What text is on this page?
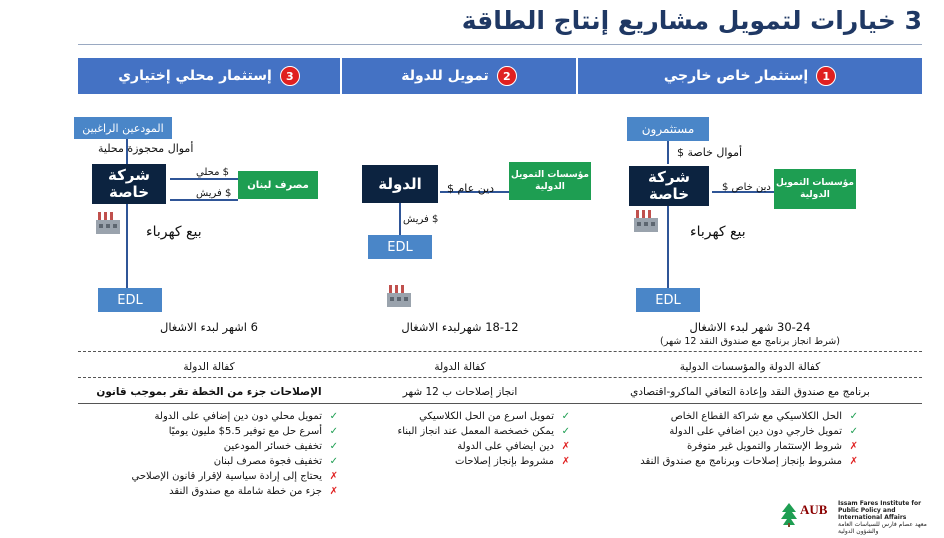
3 خيارات لتمويل مشاريع إنتاج الطاقة
1
إستثمار خاص خارجي
2
تمويل للدولة
3
إستثمار محلي إختياري
مستثمرون
أموال خاصة $
شركة خاصة
مؤسسات التمويل الدولية
دين خاص $
بيع كهرباء
EDL
الدولة	مؤسسات التمويل الدولية
دين عام $
$ فريش
EDL
المودعين الراغبين
أموال محجوزة محلية
شركة خاصة	مصرف لبنان
$ محلي
$ فريش
بيع كهرباء
EDL
30-24 شهر لبدء الاشغال
(شرط انجاز برنامج مع صندوق النقد 12 شهر)
18-12 شهرلبدء الاشغال
6 اشهر لبدء الاشغال
كفالة الدولة والمؤسسات الدولية
كفالة الدولة
كفالة الدولة
برنامج مع صندوق النقد وإعادة التعافي الماكرو-اقتصادي
انجاز إصلاحات ب 12 شهر
الإصلاحات جزء من الخطة تقر بموجب قانون
✓
الحل الكلاسيكي مع شراكة القطاع الخاص
✓
تمويل خارجي دون دين اضافي على الدولة
✗
شروط الإستثمار والتمويل غير متوفرة
✗
مشروط بإنجاز إصلاحات وبرنامج مع صندوق النقد
✓
تمويل اسرع من الحل الكلاسيكي
✓
يمكن خصخصة المعمل عند انجاز البناء
✗
دين ايضافي على الدولة
✗
مشروط بإنجاز إصلاحات
✓
تمويل محلي دون دين إضافي على الدولة
✓
أسرع حل مع توفير 5.5$ مليون يوميًا
✓
تخفيف خسائر المودعين
✓
تخفيف فجوة مصرف لبنان
✗
يحتاج إلى إرادة سياسية لإقرار قانون الإصلاحي
✗
جزء من خطة شاملة مع صندوق النقد
AUB Issam Fares Institute for Public Policy and International Affairs
معهد عصام فارس للسياسات العامة والشؤون الدولية
